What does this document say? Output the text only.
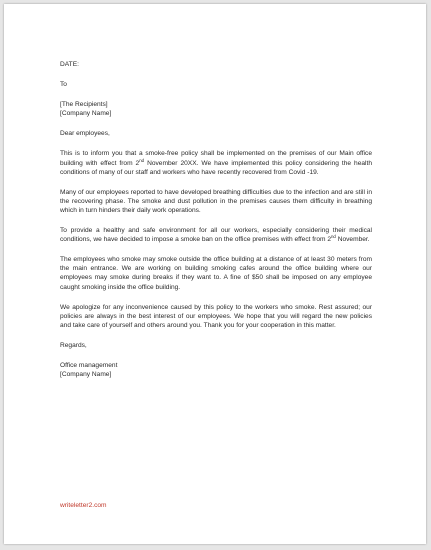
DATE:
To
[The Recipients]
[Company Name]
Dear employees,

This is to inform you that a smoke-free policy shall be implemented on the premises of our Main office building with effect from 2nd November 20XX. We have implemented this policy considering the health conditions of many of our staff and workers who have recently recovered from Covid -19.

Many of our employees reported to have developed breathing difficulties due to the infection and are still in the recovering phase. The smoke and dust pollution in the premises causes them difficulty in breathing which in turn hinders their daily work operations.

To provide a healthy and safe environment for all our workers, especially considering their medical conditions, we have decided to impose a smoke ban on the office premises with effect from 2nd November.

The employees who smoke may smoke outside the office building at a distance of at least 30 meters from the main entrance. We are working on building smoking cafes around the office building where our employees may smoke during breaks if they want to. A fine of $50 shall be imposed on any employee caught smoking inside the office building.

We apologize for any inconvenience caused by this policy to the workers who smoke. Rest assured; our policies are always in the best interest of our employees. We hope that you will regard the new policies and take care of yourself and others around you. Thank you for your cooperation in this matter.

Regards,
Office management
[Company Name]
writeletter2.com
